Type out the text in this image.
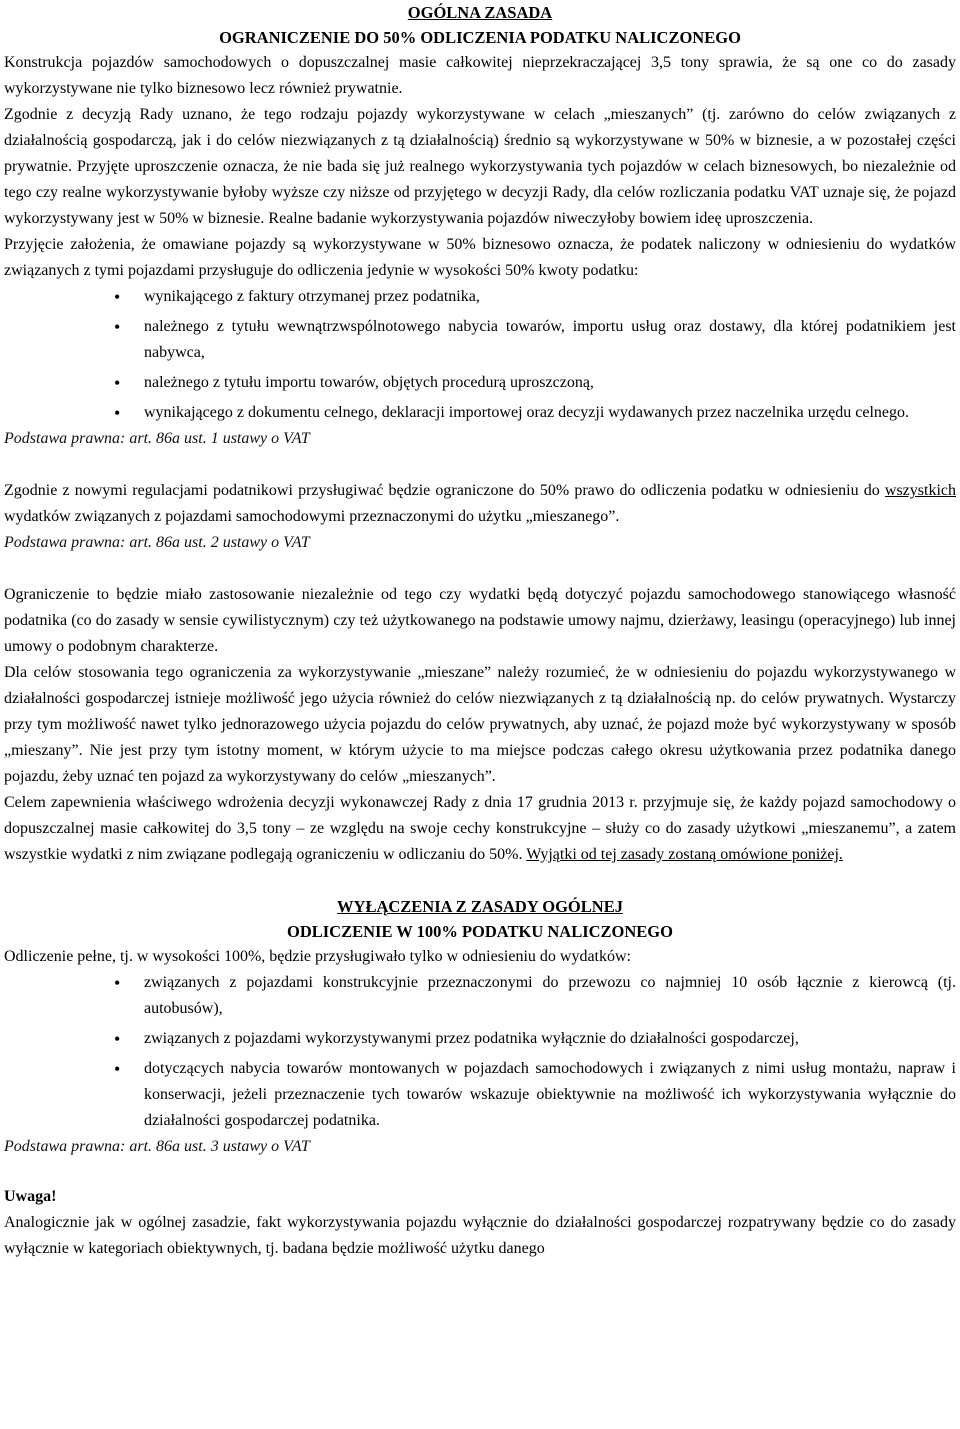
OGÓLNA ZASADA
OGRANICZENIE DO 50% ODLICZENIA PODATKU NALICZONEGO

Konstrukcja pojazdów samochodowych o dopuszczalnej masie całkowitej nieprzekraczającej 3,5 tony sprawia, że są one co do zasady wykorzystywane nie tylko biznesowo lecz również prywatnie.

Zgodnie z decyzją Rady uznano, że tego rodzaju pojazdy wykorzystywane w celach „mieszanych” (tj. zarówno do celów związanych z działalnością gospodarczą, jak i do celów niezwiązanych z tą działalnością) średnio są wykorzystywane w 50% w biznesie, a w pozostałej części prywatnie. Przyjęte uproszczenie oznacza, że nie bada się już realnego wykorzystywania tych pojazdów w celach biznesowych, bo niezależnie od tego czy realne wykorzystywanie byłoby wyższe czy niższe od przyjętego w decyzji Rady, dla celów rozliczania podatku VAT uznaje się, że pojazd wykorzystywany jest w 50% w biznesie. Realne badanie wykorzystywania pojazdów niweczyłoby bowiem ideę uproszczenia.

Przyjęcie założenia, że omawiane pojazdy są wykorzystywane w 50% biznesowo oznacza, że podatek naliczony w odniesieniu do wydatków związanych z tymi pojazdami przysługuje do odliczenia jedynie w wysokości 50% kwoty podatku:

• wynikającego z faktury otrzymanej przez podatnika,
• należnego z tytułu wewnątrzwspólnotowego nabycia towarów, importu usług oraz dostawy, dla której podatnikiem jest nabywca,
• należnego z tytułu importu towarów, objętych procedurą uproszczoną,
• wynikającego z dokumentu celnego, deklaracji importowej oraz decyzji wydawanych przez naczelnika urzędu celnego.

Podstawa prawna: art. 86a ust. 1 ustawy o VAT

Zgodnie z nowymi regulacjami podatnikowi przysługiwać będzie ograniczone do 50% prawo do odliczenia podatku w odniesieniu do wszystkich wydatków związanych z pojazdami samochodowymi przeznaczonymi do użytku „mieszanego”.

Podstawa prawna: art. 86a ust. 2 ustawy o VAT

Ograniczenie to będzie miało zastosowanie niezależnie od tego czy wydatki będą dotyczyć pojazdu samochodowego stanowiącego własność podatnika (co do zasady w sensie cywilistycznym) czy też użytkowanego na podstawie umowy najmu, dzierżawy, leasingu (operacyjnego) lub innej umowy o podobnym charakterze.

Dla celów stosowania tego ograniczenia za wykorzystywanie „mieszane” należy rozumieć, że w odniesieniu do pojazdu wykorzystywanego w działalności gospodarczej istnieje możliwość jego użycia również do celów niezwiązanych z tą działalnością np. do celów prywatnych. Wystarczy przy tym możliwość nawet tylko jednorazowego użycia pojazdu do celów prywatnych, aby uznać, że pojazd może być wykorzystywany w sposób „mieszany”. Nie jest przy tym istotny moment, w którym użycie to ma miejsce podczas całego okresu użytkowania przez podatnika danego pojazdu, żeby uznać ten pojazd za wykorzystywany do celów „mieszanych”.

Celem zapewnienia właściwego wdrożenia decyzji wykonawczej Rady z dnia 17 grudnia 2013 r. przyjmuje się, że każdy pojazd samochodowy o dopuszczalnej masie całkowitej do 3,5 tony – ze względu na swoje cechy konstrukcyjne – służy co do zasady użytkowi „mieszanemu”, a zatem wszystkie wydatki z nim związane podlegają ograniczeniu w odliczaniu do 50%. Wyjątki od tej zasady zostaną omówione poniżej.

WYŁĄCZENIA Z ZASADY OGÓLNEJ
ODLICZENIE W 100% PODATKU NALICZONEGO

Odliczenie pełne, tj. w wysokości 100%, będzie przysługiwało tylko w odniesieniu do wydatków:

• związanych z pojazdami konstrukcyjnie przeznaczonymi do przewozu co najmniej 10 osób łącznie z kierowcą (tj. autobusów),
• związanych z pojazdami wykorzystywanymi przez podatnika wyłącznie do działalności gospodarczej,
• dotyczących nabycia towarów montowanych w pojazdach samochodowych i związanych z nimi usług montażu, napraw i konserwacji, jeżeli przeznaczenie tych towarów wskazuje obiektywnie na możliwość ich wykorzystywania wyłącznie do działalności gospodarczej podatnika.

Podstawa prawna: art. 86a ust. 3 ustawy o VAT

Uwaga!

Analogicznie jak w ogólnej zasadzie, fakt wykorzystywania pojazdu wyłącznie do działalności gospodarczej rozpatrywany będzie co do zasady wyłącznie w kategoriach obiektywnych, tj. badana będzie możliwość użytku danego
